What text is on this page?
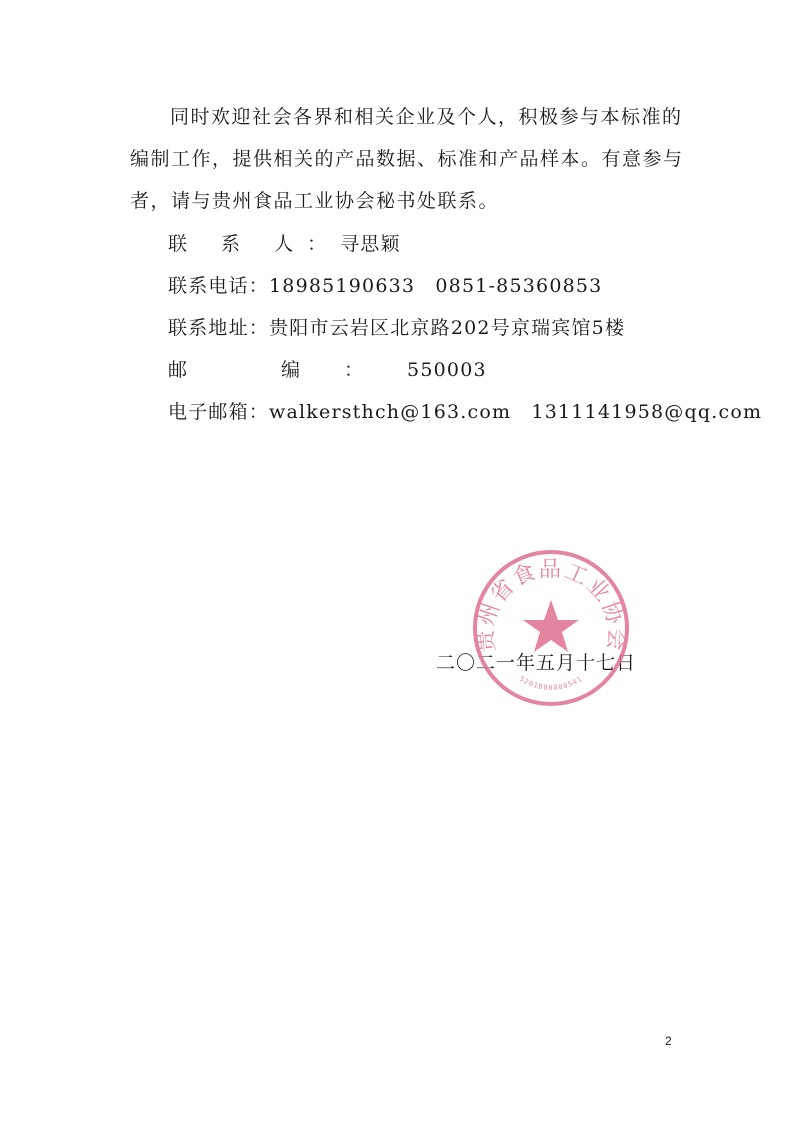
同时欢迎社会各界和相关企业及个人，积极参与本标准的编制工作，提供相关的产品数据、标准和产品样本。有意参与者，请与贵州食品工业协会秘书处联系。
联 系 人：寻思颖
联系电话：18985190633　0851-85360853
联系地址：贵阳市云岩区北京路202号京瑞宾馆5楼
邮 编：550003
电子邮箱：walkersthch@163.com　1311141958@qq.com
二〇二一年五月十七日
贵州省食品工业协会
5201000000541
2
